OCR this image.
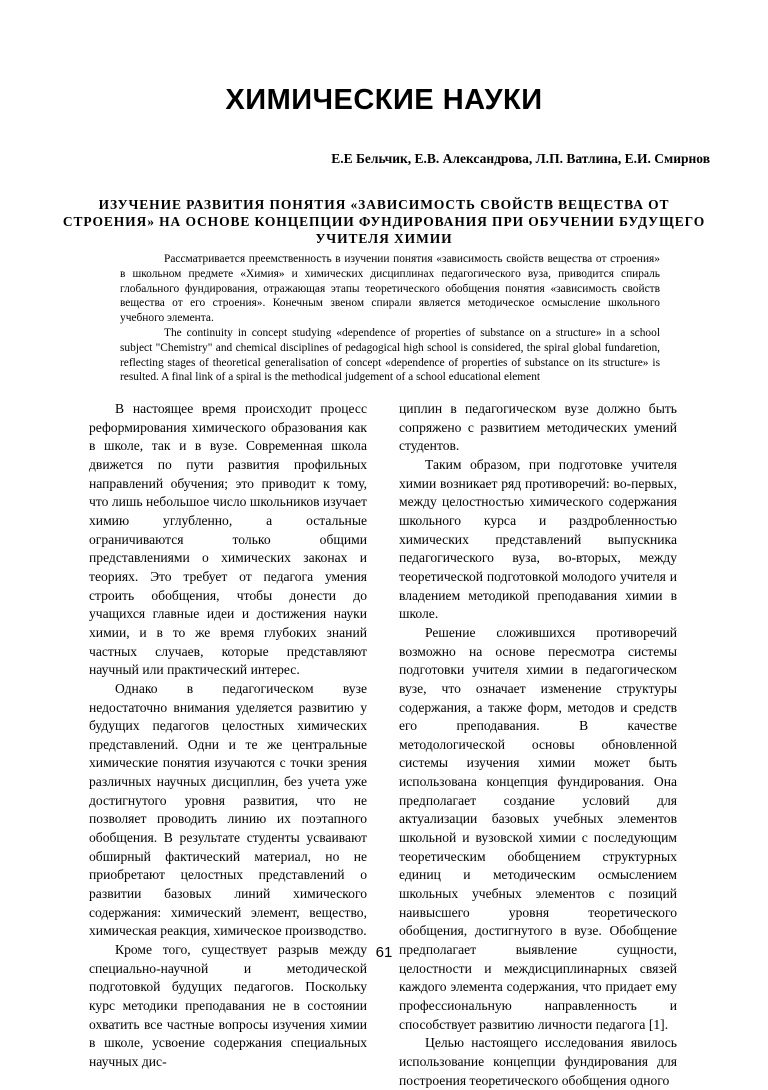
ХИМИЧЕСКИЕ НАУКИ
Е.Е Бельчик, Е.В. Александрова, Л.П. Ватлина, Е.И. Смирнов
ИЗУЧЕНИЕ РАЗВИТИЯ ПОНЯТИЯ «ЗАВИСИМОСТЬ СВОЙСТВ ВЕЩЕСТВА ОТ СТРОЕНИЯ» НА ОСНОВЕ КОНЦЕПЦИИ ФУНДИРОВАНИЯ ПРИ ОБУЧЕНИИ БУДУЩЕГО УЧИТЕЛЯ ХИМИИ

Рассматривается преемственность в изучении понятия «зависимость свойств вещества от строения» в школьном предмете «Химия» и химических дисциплинах педагогического вуза, приводится спираль глобального фундирования, отражающая этапы теоретического обобщения понятия «зависимость свойств вещества от его строения». Конечным звеном спирали является методическое осмысление школьного учебного элемента.

The continuity in concept studying «dependence of properties of substance on a structure» in a school subject "Chemistry" and chemical disciplines of pedagogical high school is considered, the spiral global fundaretion, reflecting stages of theoretical generalisation of concept «dependence of properties of substance on its structure» is resulted. A final link of a spiral is the methodical judgement of a school educational element

В настоящее время происходит процесс реформирования химического образования как в школе, так и в вузе. Современная школа движется по пути развития профильных направлений обучения; это приводит к тому, что лишь небольшое число школьников изучает химию углубленно, а остальные ограничиваются только общими представлениями о химических законах и теориях. Это требует от педагога умения строить обобщения, чтобы донести до учащихся главные идеи и достижения науки химии, и в то же время глубоких знаний частных случаев, которые представляют научный или практический интерес.

Однако в педагогическом вузе недостаточно внимания уделяется развитию у будущих педагогов целостных химических представлений. Одни и те же центральные химические понятия изучаются с точки зрения различных научных дисциплин, без учета уже достигнутого уровня развития, что не позволяет проводить линию их поэтапного обобщения. В результате студенты усваивают обширный фактический материал, но не приобретают целостных представлений о развитии базовых линий химического содержания: химический элемент, вещество, химическая реакция, химическое производство.

Кроме того, существует разрыв между специально-научной и методической подготовкой будущих педагогов. Поскольку курс методики преподавания не в состоянии охватить все частные вопросы изучения химии в школе, усвоение содержания специальных научных дис-

циплин в педагогическом вузе должно быть сопряжено с развитием методических умений студентов.

Таким образом, при подготовке учителя химии возникает ряд противоречий: во-первых, между целостностью химического содержания школьного курса и раздробленностью химических представлений выпускника педагогического вуза, во-вторых, между теоретической подготовкой молодого учителя и владением методикой преподавания химии в школе.

Решение сложившихся противоречий возможно на основе пересмотра системы подготовки учителя химии в педагогическом вузе, что означает изменение структуры содержания, а также форм, методов и средств его преподавания. В качестве методологической основы обновленной системы изучения химии может быть использована концепция фундирования. Она предполагает создание условий для актуализации базовых учебных элементов школьной и вузовской химии с последующим теоретическим обобщением структурных единиц и методическим осмыслением школьных учебных элементов с позиций наивысшего уровня теоретического обобщения, достигнутого в вузе. Обобщение предполагает выявление сущности, целостности и междисциплинарных связей каждого элемента содержания, что придает ему профессиональную направленность и способствует развитию личности педагога [1].

Целью настоящего исследования явилось использование концепции фундирования для построения теоретического обобщения одного

61
